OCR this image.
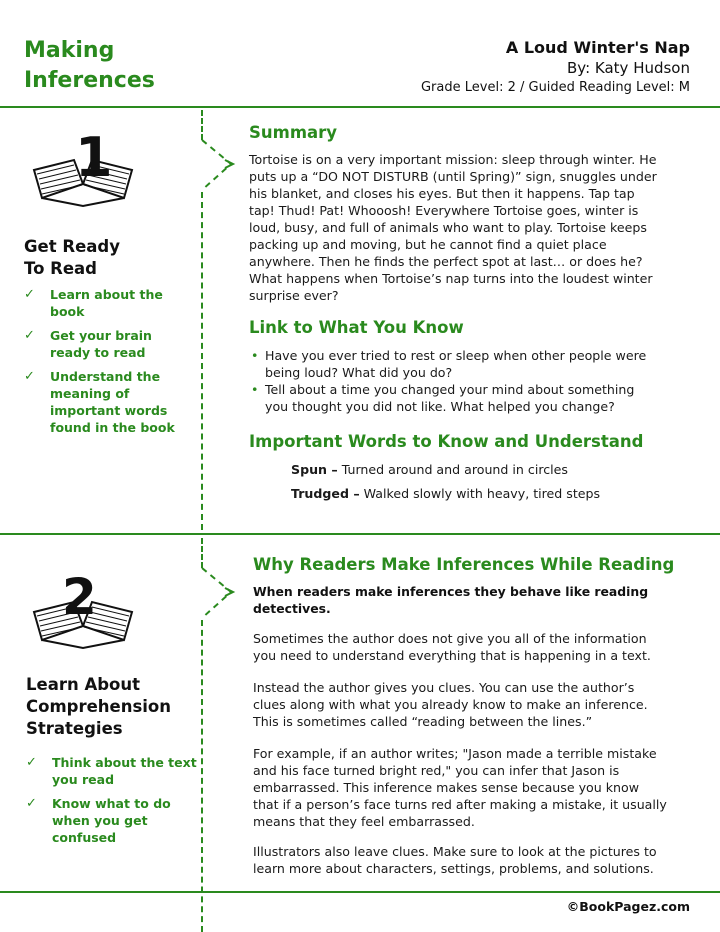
Making
Inferences
A Loud Winter's Nap
By: Katy Hudson
Grade Level: 2 / Guided Reading Level: M
1
Get Ready
To Read
✓ Learn about the
book
✓ Get your brain
ready to read
✓ Understand the
meaning of
important words
found in the book
Summary
Tortoise is on a very important mission: sleep through winter. He
puts up a “DO NOT DISTURB (until Spring)” sign, snuggles under
his blanket, and closes his eyes. But then it happens. Tap tap
tap! Thud! Pat! Whooosh! Everywhere Tortoise goes, winter is
loud, busy, and full of animals who want to play. Tortoise keeps
packing up and moving, but he cannot find a quiet place
anywhere. Then he finds the perfect spot at last… or does he?
What happens when Tortoise’s nap turns into the loudest winter
surprise ever?
Link to What You Know
• Have you ever tried to rest or sleep when other people were
being loud? What did you do?
• Tell about a time you changed your mind about something
you thought you did not like. What helped you change?
Important Words to Know and Understand
Spun – Turned around and around in circles
Trudged – Walked slowly with heavy, tired steps
2
Learn About
Comprehension
Strategies
✓ Think about the text
you read
✓ Know what to do
when you get
confused
Why Readers Make Inferences While Reading
When readers make inferences they behave like reading
detectives.
Sometimes the author does not give you all of the information
you need to understand everything that is happening in a text.
Instead the author gives you clues. You can use the author’s
clues along with what you already know to make an inference.
This is sometimes called “reading between the lines.”
For example, if an author writes; "Jason made a terrible mistake
and his face turned bright red," you can infer that Jason is
embarrassed. This inference makes sense because you know
that if a person’s face turns red after making a mistake, it usually
means that they feel embarrassed.
Illustrators also leave clues. Make sure to look at the pictures to
learn more about characters, settings, problems, and solutions.
©BookPagez.com
